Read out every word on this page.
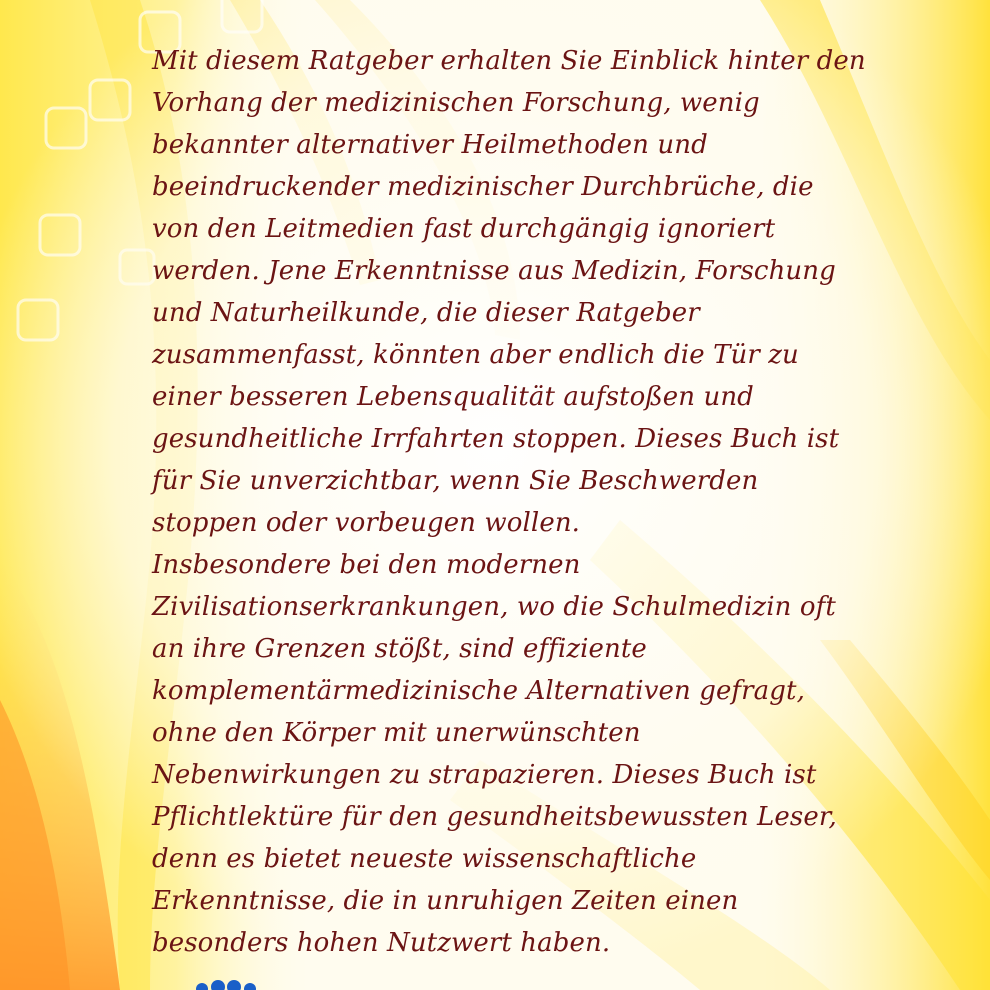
Mit diesem Ratgeber erhalten Sie Einblick hinter den
Vorhang der medizinischen Forschung, wenig
bekannter alternativer Heilmethoden und
beeindruckender medizinischer Durchbrüche, die
von den Leitmedien fast durchgängig ignoriert
werden. Jene Erkenntnisse aus Medizin, Forschung
und Naturheilkunde, die dieser Ratgeber
zusammenfasst, könnten aber endlich die Tür zu
einer besseren Lebensqualität aufstoßen und
gesundheitliche Irrfahrten stoppen. Dieses Buch ist
für Sie unverzichtbar, wenn Sie Beschwerden
stoppen oder vorbeugen wollen.
Insbesondere bei den modernen
Zivilisationserkrankungen, wo die Schulmedizin oft
an ihre Grenzen stößt, sind effiziente
komplementärmedizinische Alternativen gefragt,
ohne den Körper mit unerwünschten
Nebenwirkungen zu strapazieren. Dieses Buch ist
Pflichtlektüre für den gesundheitsbewussten Leser,
denn es bietet neueste wissenschaftliche
Erkenntnisse, die in unruhigen Zeiten einen
besonders hohen Nutzwert haben.
